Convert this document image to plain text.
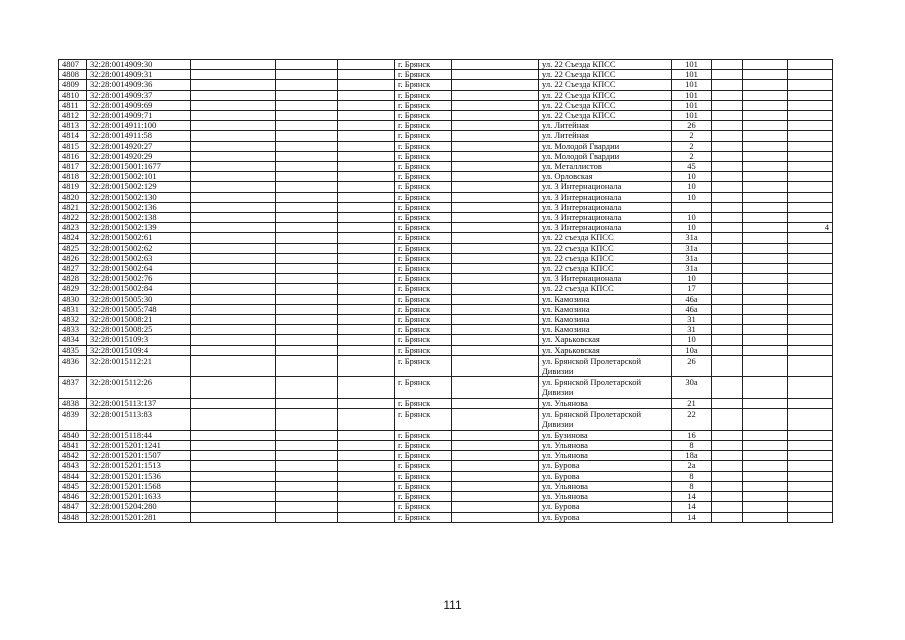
4807	32:28:0014909:30				г. Брянск		ул. 22 Съезда КПСС	101			
4808	32:28:0014909:31				г. Брянск		ул. 22 Съезда КПСС	101			
4809	32:28:0014909:36				г. Брянск		ул. 22 Съезда КПСС	101			
4810	32:28:0014909:37				г. Брянск		ул. 22 Съезда КПСС	101			
4811	32:28:0014909:69				г. Брянск		ул. 22 Съезда КПСС	101			
4812	32:28:0014909:71				г. Брянск		ул. 22 Съезда КПСС	101			
4813	32:28:0014911:100				г. Брянск		ул. Литейная	26			
4814	32:28:0014911:58				г. Брянск		ул. Литейная	2			
4815	32:28:0014920:27				г. Брянск		ул. Молодой Гвардии	2			
4816	32:28:0014920:29				г. Брянск		ул. Молодой Гвардии	2			
4817	32:28:0015001:1677				г. Брянск		ул. Металлистов	45			
4818	32:28:0015002:101				г. Брянск		ул. Орловская	10			
4819	32:28:0015002:129				г. Брянск		ул. 3 Интернационала	10			
4820	32:28:0015002:130				г. Брянск		ул. 3 Интернационала	10			
4821	32:28:0015002:136				г. Брянск		ул. 3 Интернационала				
4822	32:28:0015002:138				г. Брянск		ул. 3 Интернационала	10			
4823	32:28:0015002:139				г. Брянск		ул. 3 Интернационала	10			4
4824	32:28:0015002:61				г. Брянск		ул. 22 съезда КПСС	31а			
4825	32:28:0015002:62				г. Брянск		ул. 22 съезда КПСС	31а			
4826	32:28:0015002:63				г. Брянск		ул. 22 съезда КПСС	31а			
4827	32:28:0015002:64				г. Брянск		ул. 22 съезда КПСС	31а			
4828	32:28:0015002:76				г. Брянск		ул. 3 Интернационала	10			
4829	32:28:0015002:84				г. Брянск		ул. 22 съезда КПСС	17			
4830	32:28:0015005:30				г. Брянск		ул. Камозина	46а			
4831	32:28:0015005:748				г. Брянск		ул. Камозина	46а			
4832	32:28:0015008:21				г. Брянск		ул. Камозина	31			
4833	32:28:0015008:25				г. Брянск		ул. Камозина	31			
4834	32:28:0015109:3				г. Брянск		ул. Харьковская	10			
4835	32:28:0015109:4				г. Брянск		ул. Харьковская	10а			
4836	32:28:0015112:21				г. Брянск		ул. Брянской Пролетарской Дивизии	26			
4837	32:28:0015112:26				г. Брянск		ул. Брянской Пролетарской Дивизии	30а			
4838	32:28:0015113:137				г. Брянск		ул. Ульянова	21			
4839	32:28:0015113:83				г. Брянск		ул. Брянской Пролетарской Дивизии	22			
4840	32:28:0015118:44				г. Брянск		ул. Бузинова	16			
4841	32:28:0015201:1241				г. Брянск		ул. Ульянова	8			
4842	32:28:0015201:1507				г. Брянск		ул. Ульянова	18а			
4843	32:28:0015201:1513				г. Брянск		ул. Бурова	2а			
4844	32:28:0015201:1536				г. Брянск		ул. Бурова	8			
4845	32:28:0015201:1568				г. Брянск		ул. Ульянова	8			
4846	32:28:0015201:1633				г. Брянск		ул. Ульянова	14			
4847	32:28:0015204:280				г. Брянск		ул. Бурова	14			
4848	32:28:0015201:281				г. Брянск		ул. Бурова	14			
111
